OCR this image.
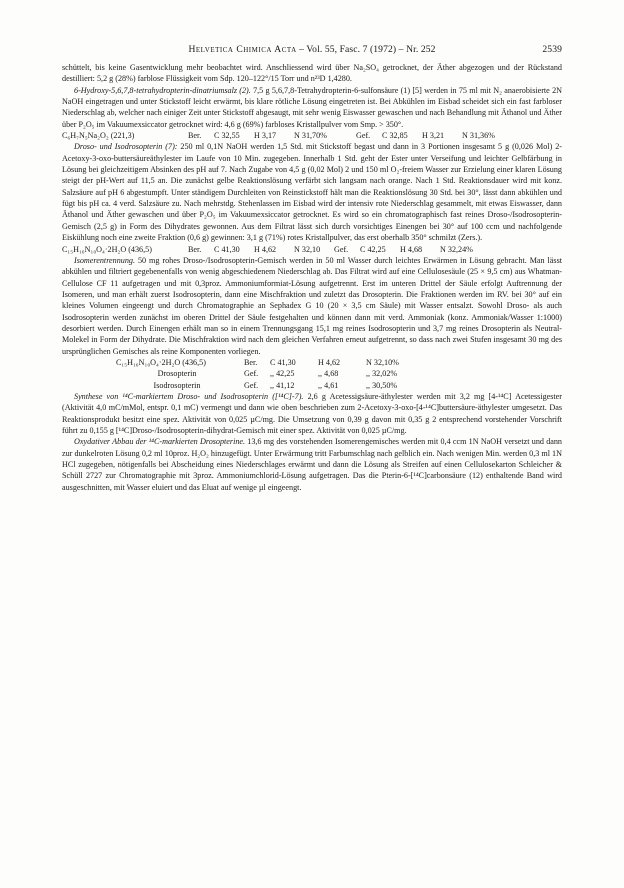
Helvetica Chimica Acta – Vol. 55, Fasc. 7 (1972) – Nr. 252	2539

schüttelt, bis keine Gasentwicklung mehr beobachtet wird. Anschliessend wird über Na₂SO₄ getrocknet, der Äther abgezogen und der Rückstand destilliert: 5,2 g (28%) farblose Flüssigkeit vom Sdp. 120–122°/15 Torr und n²³D 1,4280.

6-Hydroxy-5,6,7,8-tetrahydropterin-dinatriumsalz (2). 7,5 g 5,6,7,8-Tetrahydropterin-6-sulfonsäure (1) [5] werden in 75 ml mit N₂ anaerobisierte 2N NaOH eingetragen und unter Stickstoff leicht erwärmt, bis klare rötliche Lösung eingetreten ist. Bei Abkühlen im Eisbad scheidet sich ein fast farbloser Niederschlag ab, welcher nach einiger Zeit unter Stickstoff abgesaugt, mit sehr wenig Eiswasser gewaschen und nach Behandlung mit Äthanol und Äther über P₂O₅ im Vakuumexsiccator getrocknet wird: 4,6 g (69%) farbloses Kristallpulver vom Smp. > 350°.

C₆H₇N₅Na₂O₂ (221,3)	Ber.	C 32,55	H 3,17	N 31,70%	Gef.	C 32,85	H 3,21	N 31,36%

Droso- und Isodrosopterin (7): 250 ml 0,1N NaOH werden 1,5 Std. mit Stickstoff begast und dann in 3 Portionen insgesamt 5 g (0,026 Mol) 2-Acetoxy-3-oxo-buttersäureäthylester im Laufe von 10 Min. zugegeben. Innerhalb 1 Std. geht der Ester unter Verseifung und leichter Gelbfärbung in Lösung bei gleichzeitigem Absinken des pH auf 7. Nach Zugabe von 4,5 g (0,02 Mol) 2 und 150 ml O₂-freiem Wasser zur Erzielung einer klaren Lösung steigt der pH-Wert auf 11,5 an. Die zunächst gelbe Reaktionslösung verfärbt sich langsam nach orange. Nach 1 Std. Reaktionsdauer wird mit konz. Salzsäure auf pH 6 abgestumpft. Unter ständigem Durchleiten von Reinstickstoff hält man die Reaktionslösung 30 Std. bei 30°, lässt dann abkühlen und fügt bis pH ca. 4 verd. Salzsäure zu. Nach mehrstdg. Stehenlassen im Eisbad wird der intensiv rote Niederschlag gesammelt, mit etwas Eiswasser, dann Äthanol und Äther gewaschen und über P₂O₅ im Vakuumexsiccator getrocknet. Es wird so ein chromatographisch fast reines Droso-/Isodrosopterin-Gemisch (2,5 g) in Form des Dihydrates gewonnen. Aus dem Filtrat lässt sich durch vorsichtiges Einengen bei 30° auf 100 ccm und nachfolgende Eiskühlung noch eine zweite Fraktion (0,6 g) gewinnen: 3,1 g (71%) rotes Kristallpulver, das erst oberhalb 350° schmilzt (Zers.).

C₁₅H₁₆N₁₀O₄·2H₂O (436,5)	Ber.	C 41,30	H 4,62	N 32,10	Gef.	C 42,25	H 4,68	N 32,24%

Isomerentrennung. 50 mg rohes Droso-/Isodrosopterin-Gemisch werden in 50 ml Wasser durch leichtes Erwärmen in Lösung gebracht. Man lässt abkühlen und filtriert gegebenenfalls von wenig abgeschiedenem Niederschlag ab. Das Filtrat wird auf eine Cellulosesäule (25 × 9,5 cm) aus Whatman-Cellulose CF 11 aufgetragen und mit 0,3proz. Ammoniumformiat-Lösung aufgetrennt. Erst im unteren Drittel der Säule erfolgt Auftrennung der Isomeren, und man erhält zuerst Isodrosopterin, dann eine Mischfraktion und zuletzt das Drosopterin. Die Fraktionen werden im RV. bei 30° auf ein kleines Volumen eingeengt und durch Chromatographie an Sephadex G 10 (20 × 3,5 cm Säule) mit Wasser entsalzt. Sowohl Droso- als auch Isodrosopterin werden zunächst im oberen Drittel der Säule festgehalten und können dann mit verd. Ammoniak (konz. Ammoniak/Wasser 1:1000) desorbiert werden. Durch Einengen erhält man so in einem Trennungsgang 15,1 mg reines Isodrosopterin und 3,7 mg reines Drosopterin als Neutral-Molekel in Form der Dihydrate. Die Mischfraktion wird nach dem gleichen Verfahren erneut aufgetrennt, so dass nach zwei Stufen insgesamt 30 mg des ursprünglichen Gemisches als reine Komponenten vorliegen.

C₁₅H₁₆N₁₀O₄·2H₂O (436,5)	Ber.	C 41,30	H 4,62	N 32,10%
Drosopterin	Gef.	,, 42,25	,, 4,68	,, 32,02%
Isodrosopterin	Gef.	,, 41,12	,, 4,61	,, 30,50%

Synthese von ¹⁴C-markiertem Droso- und Isodrosopterin ([¹⁴C]-7). 2,6 g Acetessigsäure-äthylester werden mit 3,2 mg [4-¹⁴C] Acetessigester (Aktivität 4,0 mC/mMol, entspr. 0,1 mC) vermengt und dann wie oben beschrieben zum 2-Acetoxy-3-oxo-[4-¹⁴C]buttersäure-äthylester umgesetzt. Das Reaktionsprodukt besitzt eine spez. Aktivität von 0,025 µC/mg. Die Umsetzung von 0,39 g davon mit 0,35 g 2 entsprechend vorstehender Vorschrift führt zu 0,155 g [¹⁴C]Droso-/Isodrosopterin-dihydrat-Gemisch mit einer spez. Aktivität von 0,025 µC/mg.

Oxydativer Abbau der ¹⁴C-markierten Drosopterine. 13,6 mg des vorstehenden Isomerengemisches werden mit 0,4 ccm 1N NaOH versetzt und dann zur dunkelroten Lösung 0,2 ml 10proz. H₂O₂ hinzugefügt. Unter Erwärmung tritt Farbumschlag nach gelblich ein. Nach wenigen Min. werden 0,3 ml 1N HCl zugegeben, nötigenfalls bei Abscheidung eines Niederschlages erwärmt und dann die Lösung als Streifen auf einen Cellulosekarton Schleicher & Schüll 2727 zur Chromatographie mit 3proz. Ammoniumchlorid-Lösung aufgetragen. Das die Pterin-6-[¹⁴C]carbonsäure (12) enthaltende Band wird ausgeschnitten, mit Wasser eluiert und das Eluat auf wenige µl eingeengt.
